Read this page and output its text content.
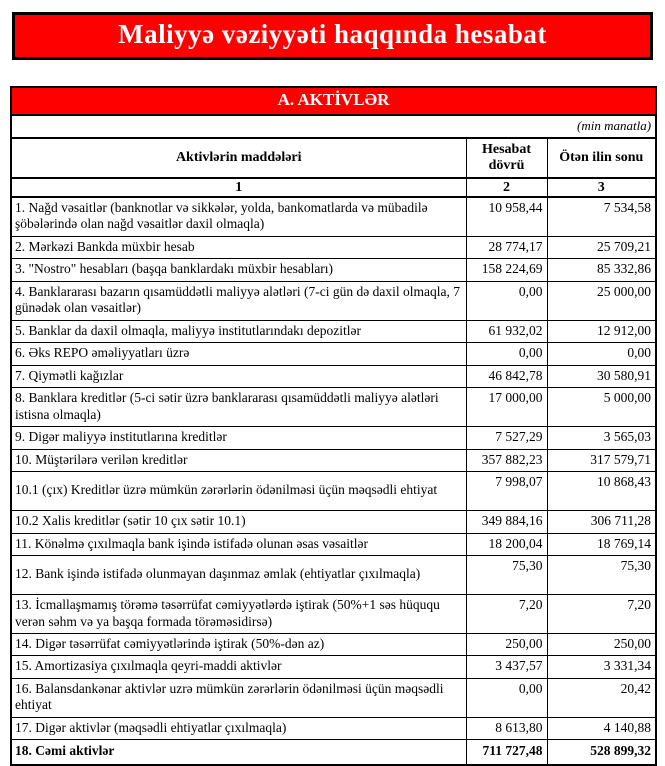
Maliyyə vəziyyəti haqqında hesabat
A. AKTİVLƏR		
(min manatla)		
Aktivlərin maddələri	Hesabat dövrü	Ötən ilin sonu
1	2	3
1. Nağd vəsaitlər (banknotlar və sikkələr, yolda, bankomatlarda və mübadilə şöbələrində olan nağd vəsaitlər daxil olmaqla)	10 958,44	7 534,58
2. Mərkəzi Bankda müxbir hesab	28 774,17	25 709,21
3. "Nostro" hesabları (başqa banklardakı müxbir hesabları)	158 224,69	85 332,86
4. Banklararası bazarın qısamüddətli maliyyə alətləri (7-ci gün də daxil olmaqla, 7 günədək olan vəsaitlər)	0,00	25 000,00
5. Banklar da daxil olmaqla, maliyyə institutlarındakı depozitlər	61 932,02	12 912,00
6. Əks REPO əməliyyatları üzrə	0,00	0,00
7. Qiymətli kağızlar	46 842,78	30 580,91
8. Banklara kreditlər (5-ci sətir üzrə banklararası qısamüddətli maliyyə alətləri istisna olmaqla)	17 000,00	5 000,00
9. Digər maliyyə institutlarına kreditlər	7 527,29	3 565,03
10. Müştərilərə verilən kreditlər	357 882,23	317 579,71
10.1 (çıx) Kreditlər üzrə mümkün zərərlərin ödənilməsi üçün məqsədli ehtiyat	7 998,07	10 868,43
10.2 Xalis kreditlər (sətir 10 çıx sətir 10.1)	349 884,16	306 711,28
11. Könəlmə çıxılmaqla bank işində istifadə olunan əsas vəsaitlər	18 200,04	18 769,14
12. Bank işində istifadə olunmayan daşınmaz əmlak (ehtiyatlar çıxılmaqla)	75,30	75,30
13. İcmallaşmamış törəmə təsərrüfat cəmiyyətlərdə iştirak (50%+1 səs hüququ verən səhm və ya başqa formada törəməsidirsə)	7,20	7,20
14. Digər təsərrüfat cəmiyyətlərində iştirak (50%-dən az)	250,00	250,00
15. Amortizasiya çıxılmaqla qeyri-maddi aktivlər	3 437,57	3 331,34
16. Balansdankənar aktivlər uzrə mümkün zərərlərin ödənilməsi üçün məqsədli ehtiyat	0,00	20,42
17. Digər aktivlər (məqsədli ehtiyatlar çıxılmaqla)	8 613,80	4 140,88
18. Cəmi aktivlər	711 727,48	528 899,32
